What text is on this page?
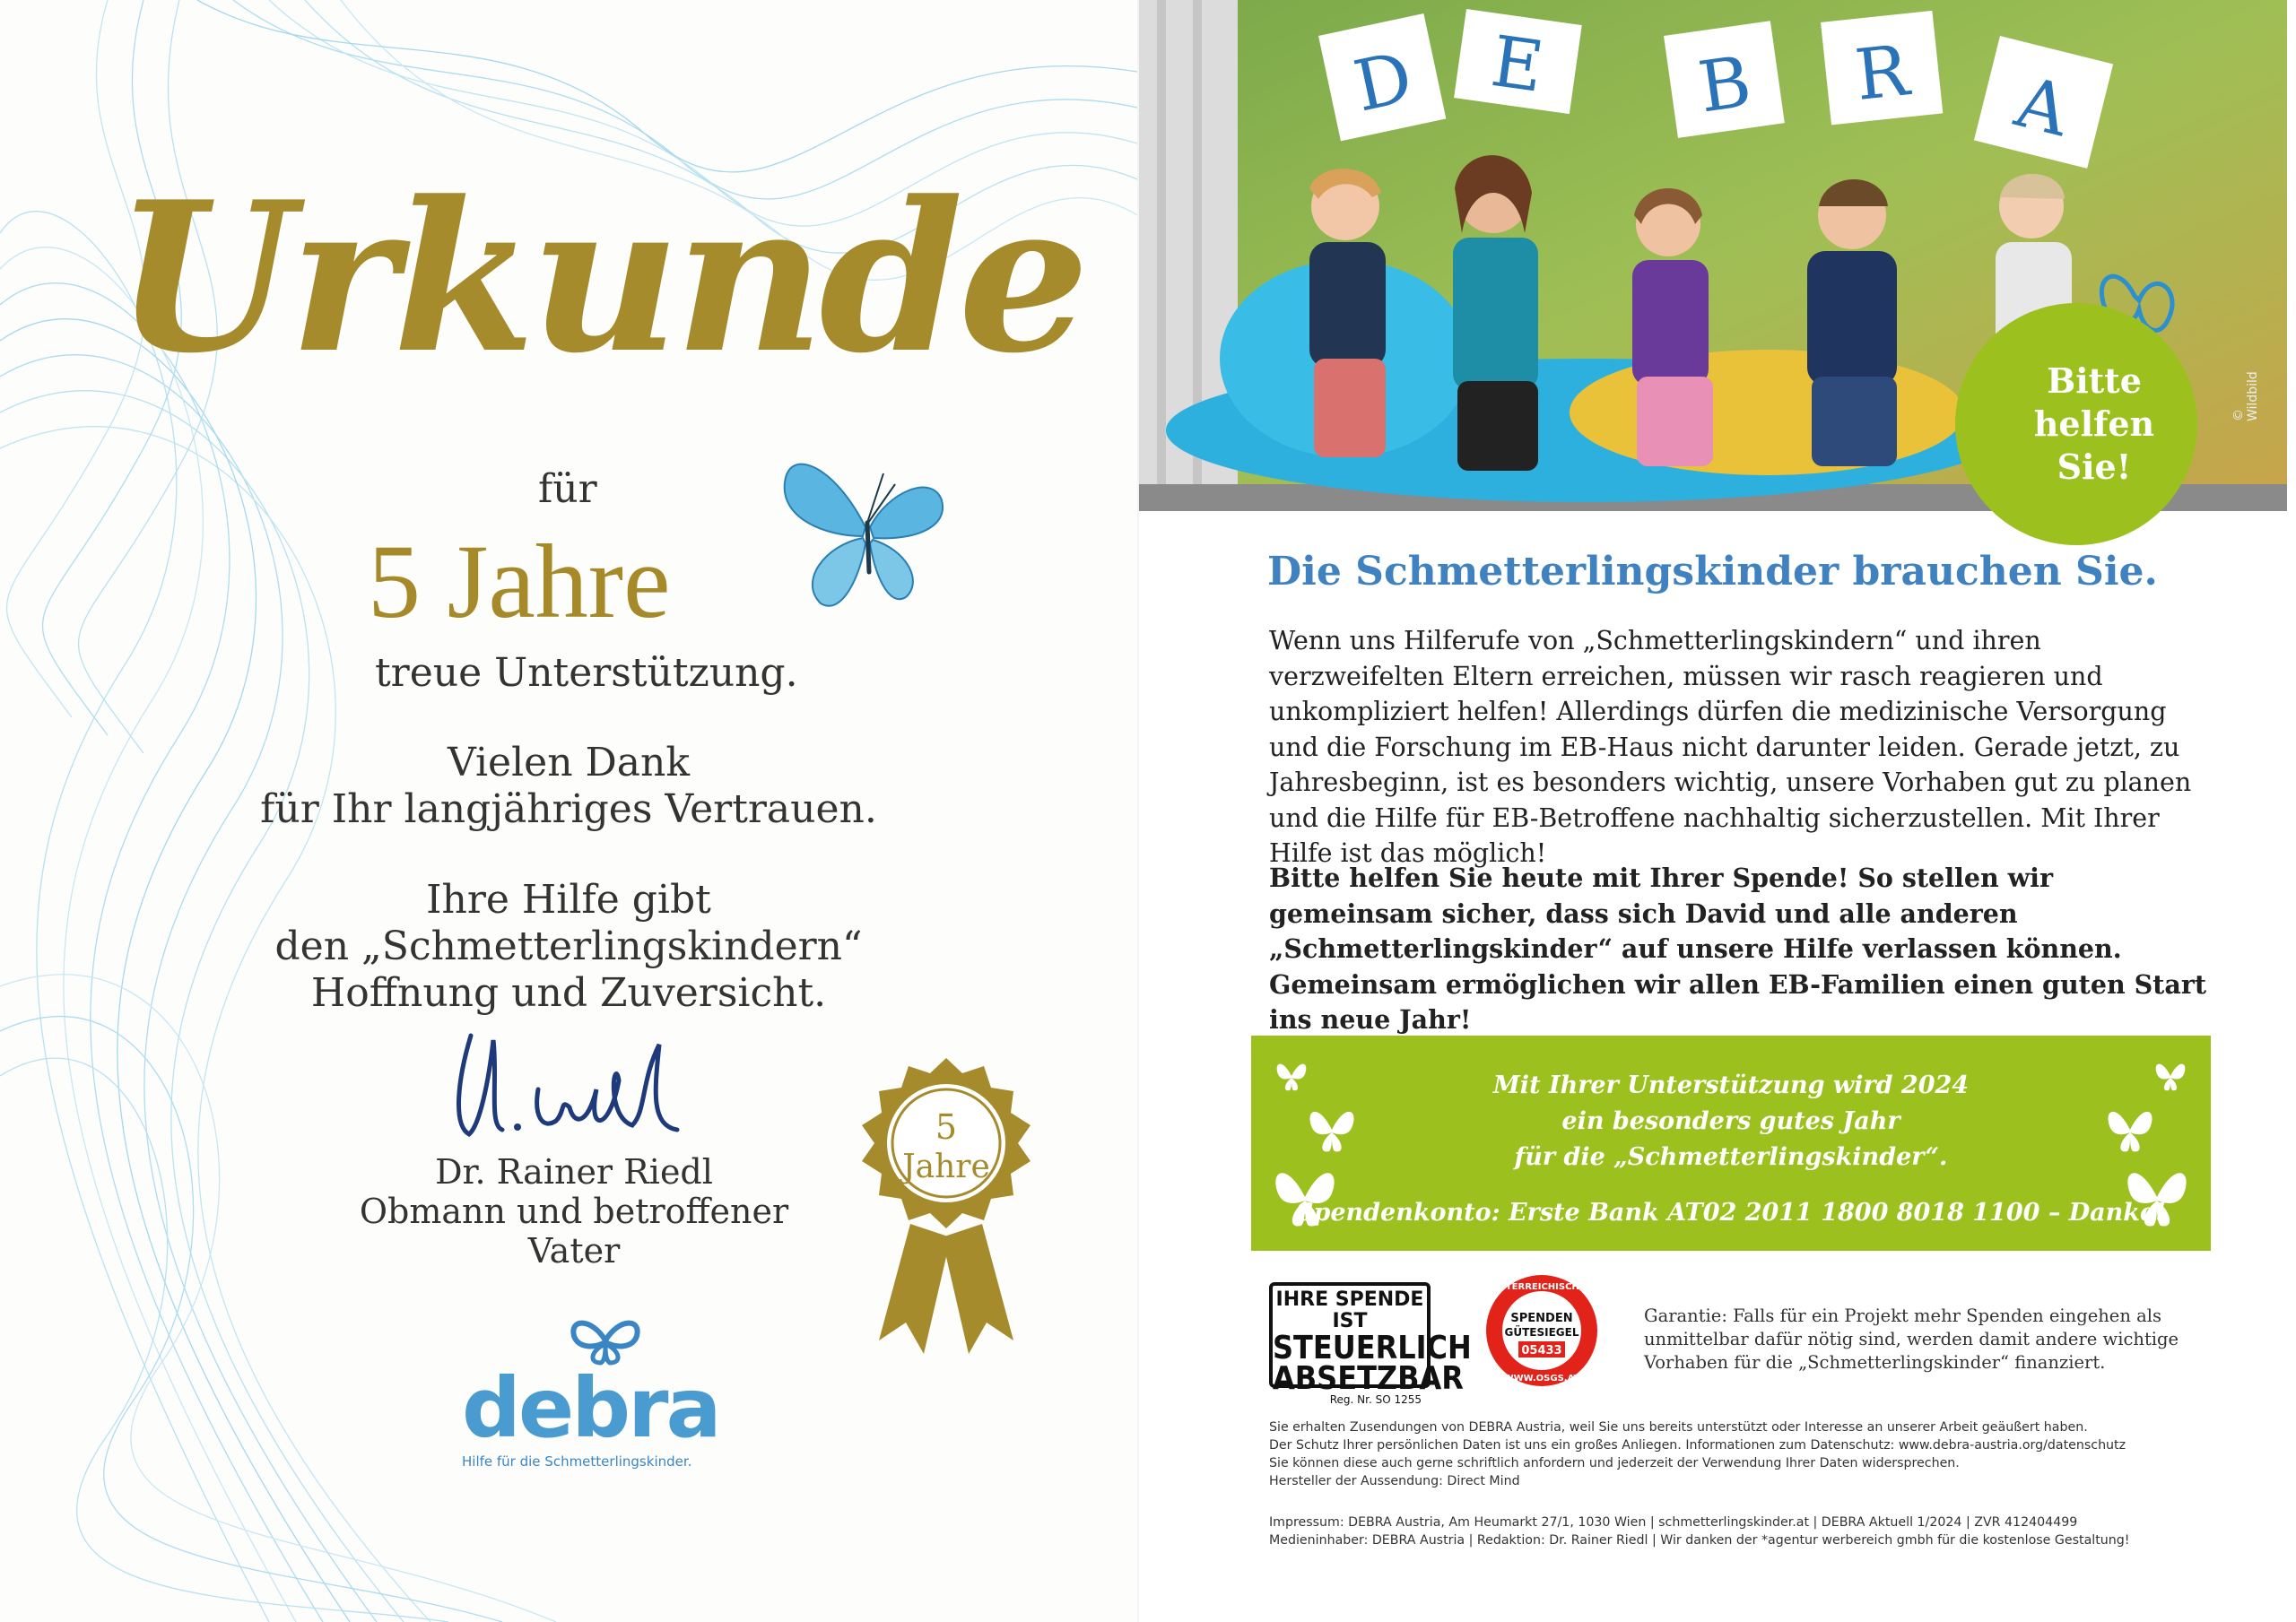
Urkunde
für
5 Jahre
treue Unterstützung.
Vielen Dank
für Ihr langjähriges Vertrauen.
Ihre Hilfe gibt
den „Schmetterlingskindern“
Hoffnung und Zuversicht.
Dr. Rainer Riedl
Obmann und betroffener Vater
5
Jahre
debra
Hilfe für die Schmetterlingskinder.
D E B R A
Bitte
helfen
Sie!
© Wildbild
Die Schmetterlingskinder brauchen Sie.
Wenn uns Hilferufe von „Schmetterlingskindern“ und ihren verzweifelten Eltern erreichen, müssen wir rasch reagieren und unkompliziert helfen! Allerdings dürfen die medizinische Versorgung und die Forschung im EB-Haus nicht darunter leiden. Gerade jetzt, zu Jahresbeginn, ist es besonders wichtig, unsere Vorhaben gut zu planen und die Hilfe für EB-Betroffene nachhaltig sicherzustellen. Mit Ihrer Hilfe ist das möglich!
Bitte helfen Sie heute mit Ihrer Spende! So stellen wir gemeinsam sicher, dass sich David und alle anderen „Schmetterlingskinder“ auf unsere Hilfe verlassen können. Gemeinsam ermöglichen wir allen EB-Familien einen guten Start ins neue Jahr!
Mit Ihrer Unterstützung wird 2024
ein besonders gutes Jahr
für die „Schmetterlingskinder“.
Spendenkonto: Erste Bank AT02 2011 1800 8018 1100 – Danke!
IHRE SPENDE IST
STEUERLICH
ABSETZBAR
Reg. Nr. SO 1255
ÖSTERREICHISCHES
SPENDEN
GÜTESIEGEL
05433
WWW.OSGS.AT
Garantie: Falls für ein Projekt mehr Spenden eingehen als unmittelbar dafür nötig sind, werden damit andere wichtige Vorhaben für die „Schmetterlingskinder“ finanziert.
Sie erhalten Zusendungen von DEBRA Austria, weil Sie uns bereits unterstützt oder Interesse an unserer Arbeit geäußert haben.
Der Schutz Ihrer persönlichen Daten ist uns ein großes Anliegen. Informationen zum Datenschutz: www.debra-austria.org/datenschutz
Sie können diese auch gerne schriftlich anfordern und jederzeit der Verwendung Ihrer Daten widersprechen.
Hersteller der Aussendung: Direct Mind
Impressum: DEBRA Austria, Am Heumarkt 27/1, 1030 Wien | schmetterlingskinder.at | DEBRA Aktuell 1/2024 | ZVR 412404499
Medieninhaber: DEBRA Austria | Redaktion: Dr. Rainer Riedl | Wir danken der *agentur werbereich gmbh für die kostenlose Gestaltung!
